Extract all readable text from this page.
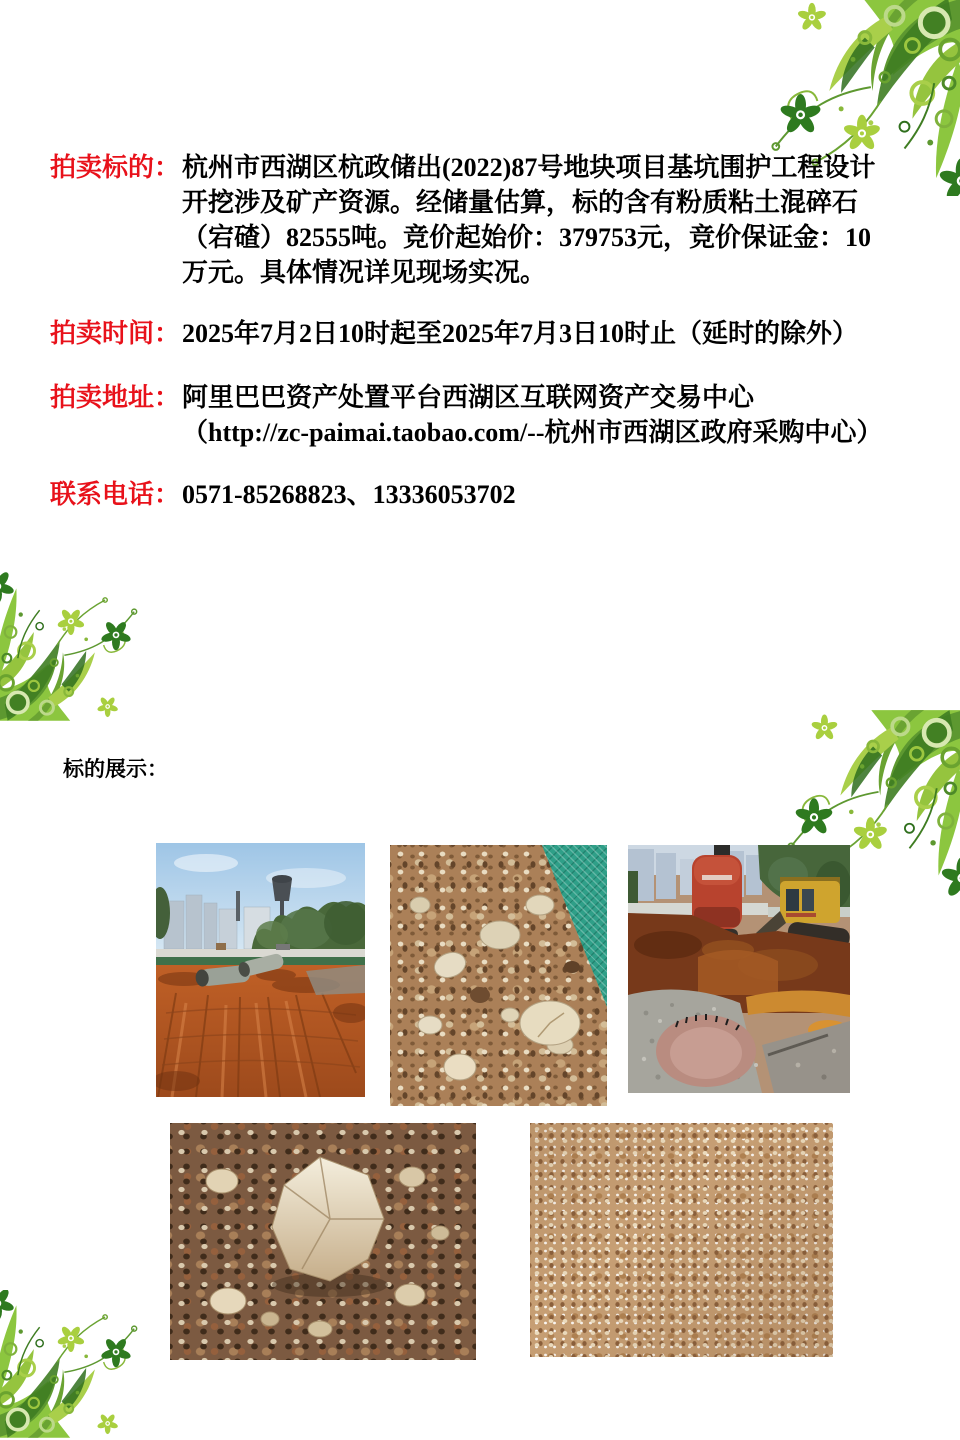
拍卖标的： 杭州市西湖区杭政储出(2022)87号地块项目基坑围护工程设计
开挖涉及矿产资源。经储量估算，标的含有粉质粘土混碎石
（宕碴）82555吨。竞价起始价：379753元，竞价保证金：10
万元。具体情况详见现场实况。
拍卖时间： 2025年7月2日10时起至2025年7月3日10时止（延时的除外）
拍卖地址： 阿里巴巴资产处置平台西湖区互联网资产交易中心
（http://zc-paimai.taobao.com/--杭州市西湖区政府采购中心）
联系电话： 0571-85268823、13336053702
标的展示：
